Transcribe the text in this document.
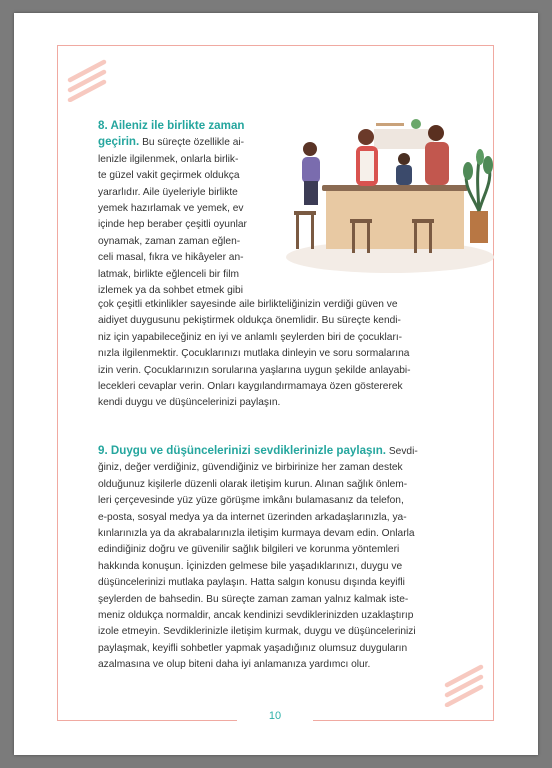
8. Aileniz ile birlikte zaman
geçirin. Bu süreçte özellikle ai-
lenizle ilgilenmek, onlarla birlik-
te güzel vakit geçirmek oldukça
yararlıdır. Aile üyeleriyle birlikte
yemek hazırlamak ve yemek, ev
içinde hep beraber çeşitli oyunlar
oynamak, zaman zaman eğlen-
celi masal, fıkra ve hikâyeler an-
latmak, birlikte eğlenceli bir film
izlemek ya da sohbet etmek gibi
çok çeşitli etkinlikler sayesinde aile birlikteliğinizin verdiği güven ve
aidiyet duygusunu pekiştirmek oldukça önemlidir. Bu süreçte kendi-
niz için yapabileceğiniz en iyi ve anlamlı şeylerden biri de çocukları-
nızla ilgilenmektir. Çocuklarınızı mutlaka dinleyin ve soru sormalarına
izin verin. Çocuklarınızın sorularına yaşlarına uygun şekilde anlayabi-
lecekleri cevaplar verin. Onları kaygılandırmamaya özen göstererek
kendi duygu ve düşüncelerinizi paylaşın.
9. Duygu ve düşüncelerinizi sevdiklerinizle paylaşın. Sevdi-
ğiniz, değer verdiğiniz, güvendiğiniz ve birbirinize her zaman destek
olduğunuz kişilerle düzenli olarak iletişim kurun. Alınan sağlık önlem-
leri çerçevesinde yüz yüze görüşme imkânı bulamasanız da telefon,
e-posta, sosyal medya ya da internet üzerinden arkadaşlarınızla, ya-
kınlarınızla ya da akrabalarınızla iletişim kurmaya devam edin. Onlarla
edindiğiniz doğru ve güvenilir sağlık bilgileri ve korunma yöntemleri
hakkında konuşun. İçinizden gelmese bile yaşadıklarınızı, duygu ve
düşüncelerinizi mutlaka paylaşın. Hatta salgın konusu dışında keyifli
şeylerden de bahsedin. Bu süreçte zaman zaman yalnız kalmak iste-
meniz oldukça normaldir, ancak kendinizi sevdiklerinizden uzaklaştırıp
izole etmeyin. Sevdiklerinizle iletişim kurmak, duygu ve düşüncelerinizi
paylaşmak, keyifli sohbetler yapmak yaşadığınız olumsuz duyguların
azalmasına ve olup biteni daha iyi anlamanıza yardımcı olur.
10
